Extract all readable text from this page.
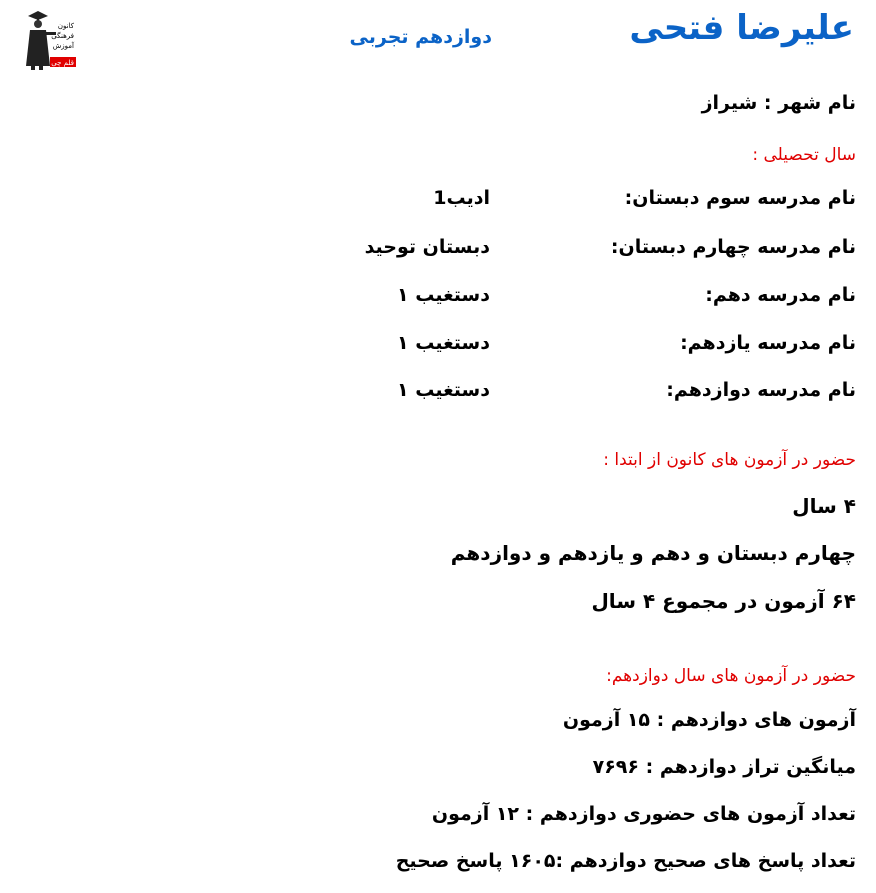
کانون
فرهنگی
آموزش
قلم چی
علیرضا فتحی
دوازدهم تجربی
نام شهر : شیراز
سال تحصیلی :
نام مدرسه سوم دبستان:
ادیب1
نام مدرسه چهارم دبستان:
دبستان توحید
نام مدرسه دهم:
دستغیب ۱
نام مدرسه یازدهم:
دستغیب ۱
نام مدرسه دوازدهم:
دستغیب ۱
حضور در آزمون های کانون از ابتدا :
۴ سال
چهارم دبستان و دهم و یازدهم و دوازدهم
۶۴ آزمون در مجموع ۴ سال
حضور در آزمون های سال دوازدهم:
آزمون های دوازدهم : ۱۵ آزمون
میانگین تراز دوازدهم : ۷۶۹۶
تعداد آزمون های حضوری دوازدهم : ۱۲ آزمون
تعداد پاسخ های صحیح دوازدهم :۱۶۰۵ پاسخ صحیح
